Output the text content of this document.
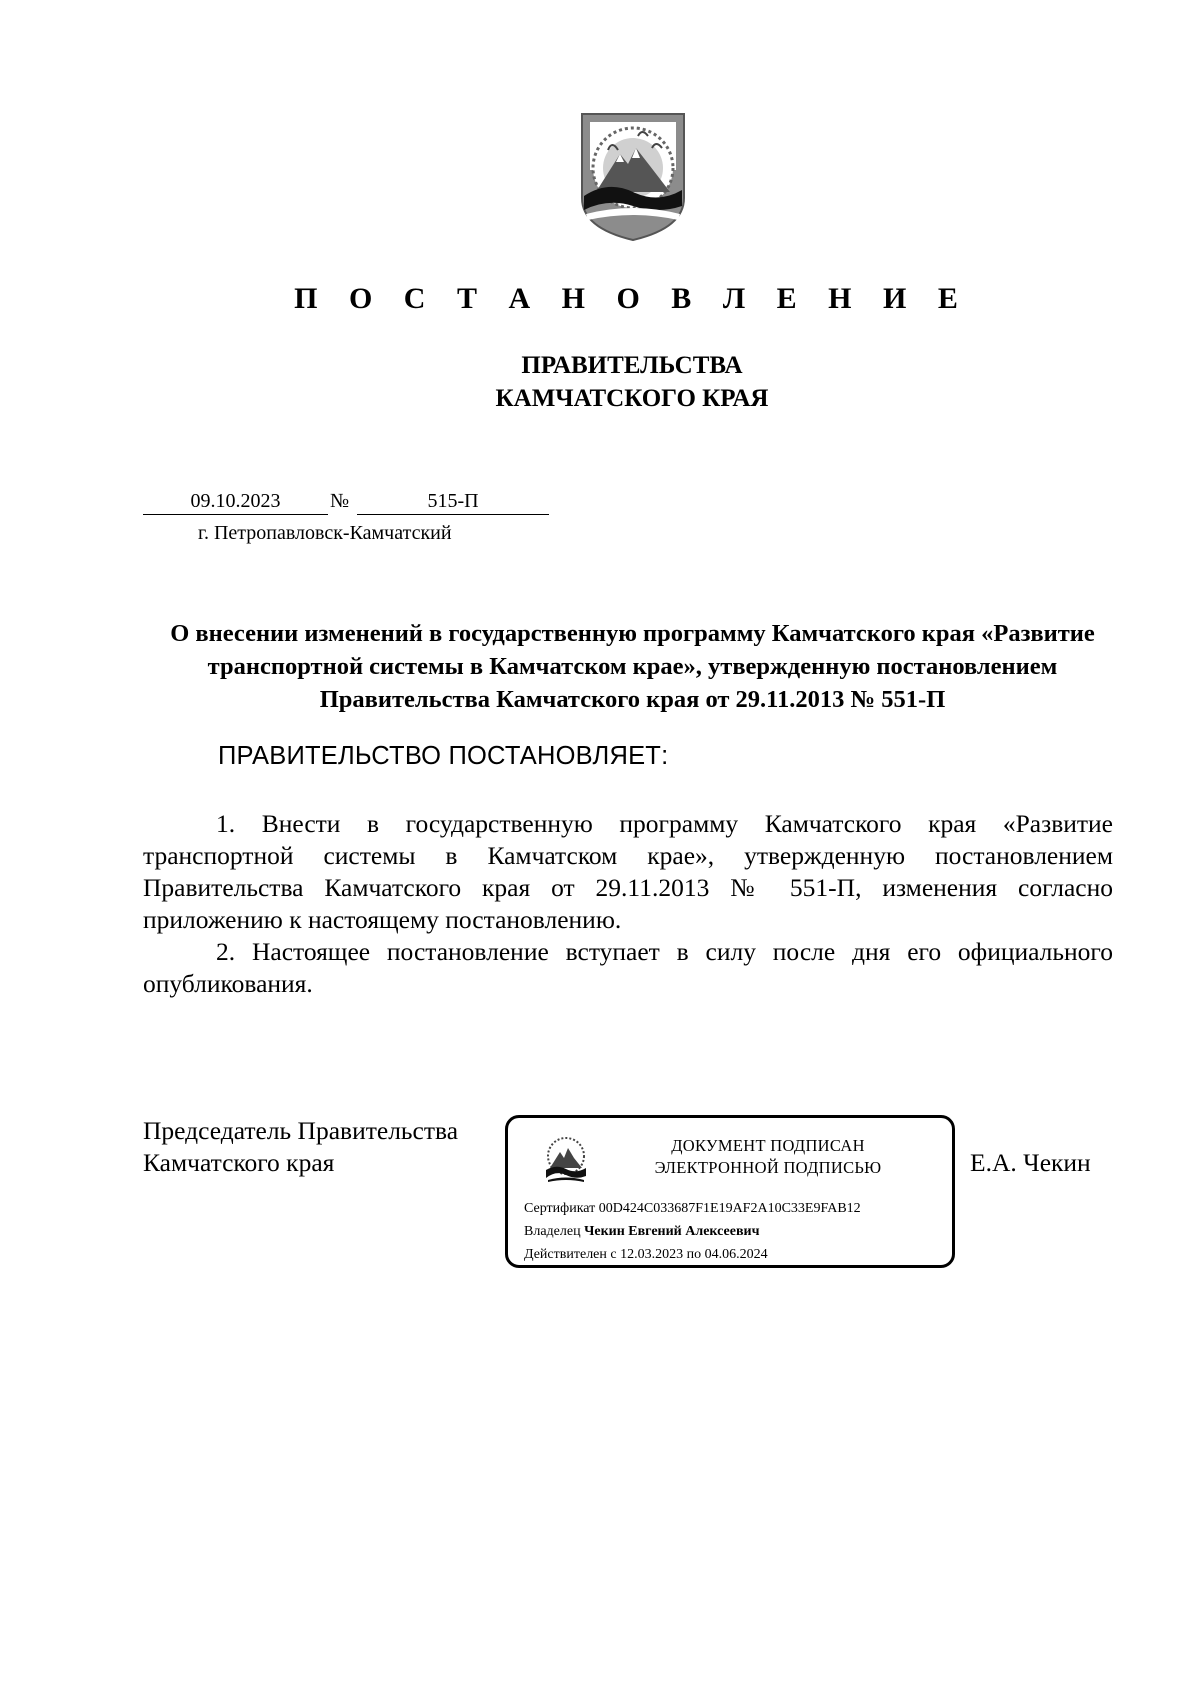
П О С Т А Н О В Л Е Н И Е
ПРАВИТЕЛЬСТВА
КАМЧАТСКОГО КРАЯ
09.10.2023	№	515-П
г. Петропавловск-Камчатский
О внесении изменений в государственную программу Камчатского края «Развитие транспортной системы в Камчатском крае», утвержденную постановлением Правительства Камчатского края от 29.11.2013 № 551-П
ПРАВИТЕЛЬСТВО ПОСТАНОВЛЯЕТ:

1. Внести в государственную программу Камчатского края «Развитие транспортной системы в Камчатском крае», утвержденную постановлением Правительства Камчатского края от 29.11.2013 № 551-П, изменения согласно приложению к настоящему постановлению.

2. Настоящее постановление вступает в силу после дня его официального опубликования.

Председатель Правительства
Камчатского края
ДОКУМЕНТ ПОДПИСАН
ЭЛЕКТРОННОЙ ПОДПИСЬЮ
Сертификат 00D424C033687F1E19AF2A10C33E9FAB12
Владелец Чекин Евгений Алексеевич
Действителен с 12.03.2023 по 04.06.2024
Е.А. Чекин
